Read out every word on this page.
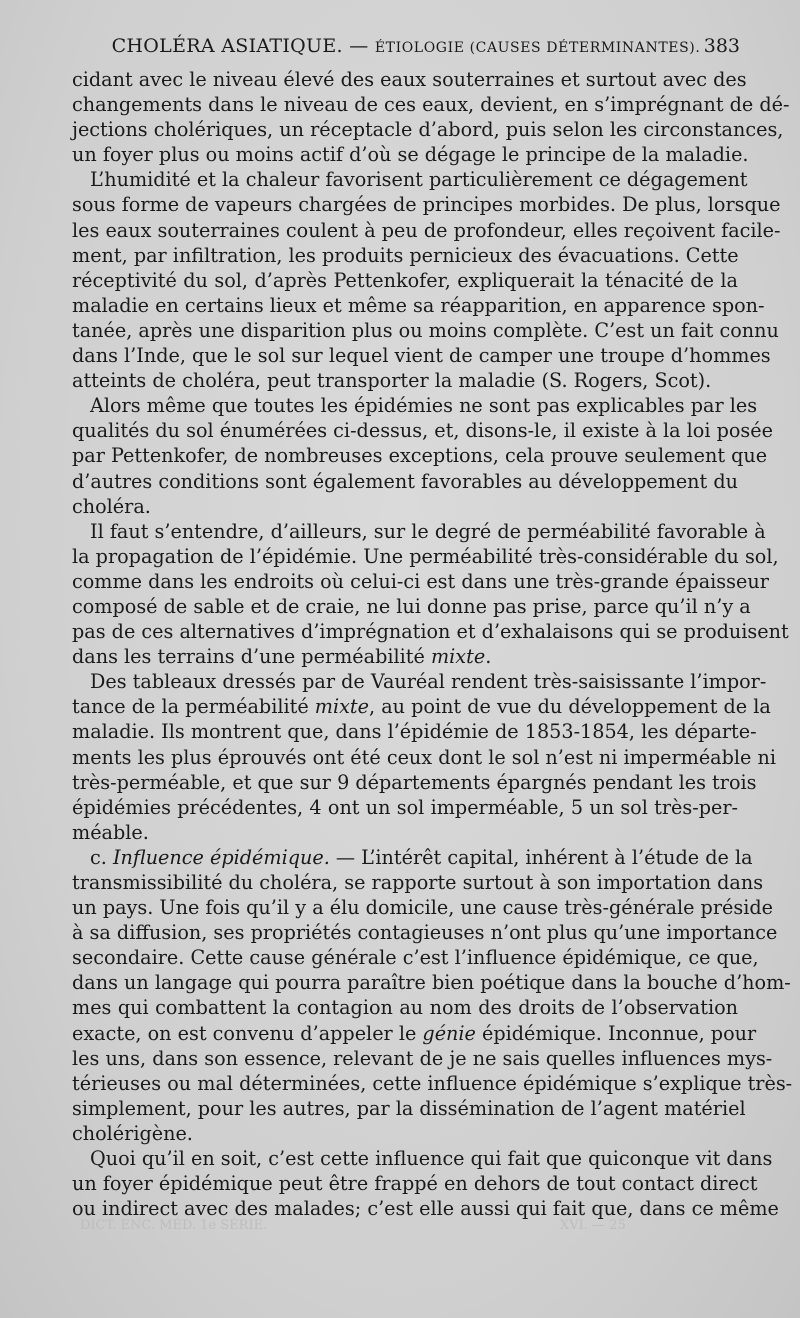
CHOLÉRA ASIATIQUE. — ÉTIOLOGIE (CAUSES DÉTERMINANTES). 383
cidant avec le niveau élevé des eaux souterraines et surtout avec des
changements dans le niveau de ces eaux, devient, en s’imprégnant de dé-
jections cholériques, un réceptacle d’abord, puis selon les circonstances,
un foyer plus ou moins actif d’où se dégage le principe de la maladie.
L’humidité et la chaleur favorisent particulièrement ce dégagement
sous forme de vapeurs chargées de principes morbides. De plus, lorsque
les eaux souterraines coulent à peu de profondeur, elles reçoivent facile-
ment, par infiltration, les produits pernicieux des évacuations. Cette
réceptivité du sol, d’après Pettenkofer, expliquerait la ténacité de la
maladie en certains lieux et même sa réapparition, en apparence spon-
tanée, après une disparition plus ou moins complète. C’est un fait connu
dans l’Inde, que le sol sur lequel vient de camper une troupe d’hommes
atteints de choléra, peut transporter la maladie (S. Rogers, Scot).
Alors même que toutes les épidémies ne sont pas explicables par les
qualités du sol énumérées ci-dessus, et, disons-le, il existe à la loi posée
par Pettenkofer, de nombreuses exceptions, cela prouve seulement que
d’autres conditions sont également favorables au développement du
choléra.
Il faut s’entendre, d’ailleurs, sur le degré de perméabilité favorable à
la propagation de l’épidémie. Une perméabilité très-considérable du sol,
comme dans les endroits où celui-ci est dans une très-grande épaisseur
composé de sable et de craie, ne lui donne pas prise, parce qu’il n’y a
pas de ces alternatives d’imprégnation et d’exhalaisons qui se produisent
dans les terrains d’une perméabilité mixte.
Des tableaux dressés par de Vauréal rendent très-saisissante l’impor-
tance de la perméabilité mixte, au point de vue du développement de la
maladie. Ils montrent que, dans l’épidémie de 1853-1854, les départe-
ments les plus éprouvés ont été ceux dont le sol n’est ni imperméable ni
très-perméable, et que sur 9 départements épargnés pendant les trois
épidémies précédentes, 4 ont un sol imperméable, 5 un sol très-per-
méable.
c. Influence épidémique. — L’intérêt capital, inhérent à l’étude de la
transmissibilité du choléra, se rapporte surtout à son importation dans
un pays. Une fois qu’il y a élu domicile, une cause très-générale préside
à sa diffusion, ses propriétés contagieuses n’ont plus qu’une importance
secondaire. Cette cause générale c’est l’influence épidémique, ce que,
dans un langage qui pourra paraître bien poétique dans la bouche d’hom-
mes qui combattent la contagion au nom des droits de l’observation
exacte, on est convenu d’appeler le génie épidémique. Inconnue, pour
les uns, dans son essence, relevant de je ne sais quelles influences mys-
térieuses ou mal déterminées, cette influence épidémique s’explique très-
simplement, pour les autres, par la dissémination de l’agent matériel
cholérigène.
Quoi qu’il en soit, c’est cette influence qui fait que quiconque vit dans
un foyer épidémique peut être frappé en dehors de tout contact direct
ou indirect avec des malades; c’est elle aussi qui fait que, dans ce même
DICT. ENC. MÉD. 1e SÉRIE.	XVI. — 25
